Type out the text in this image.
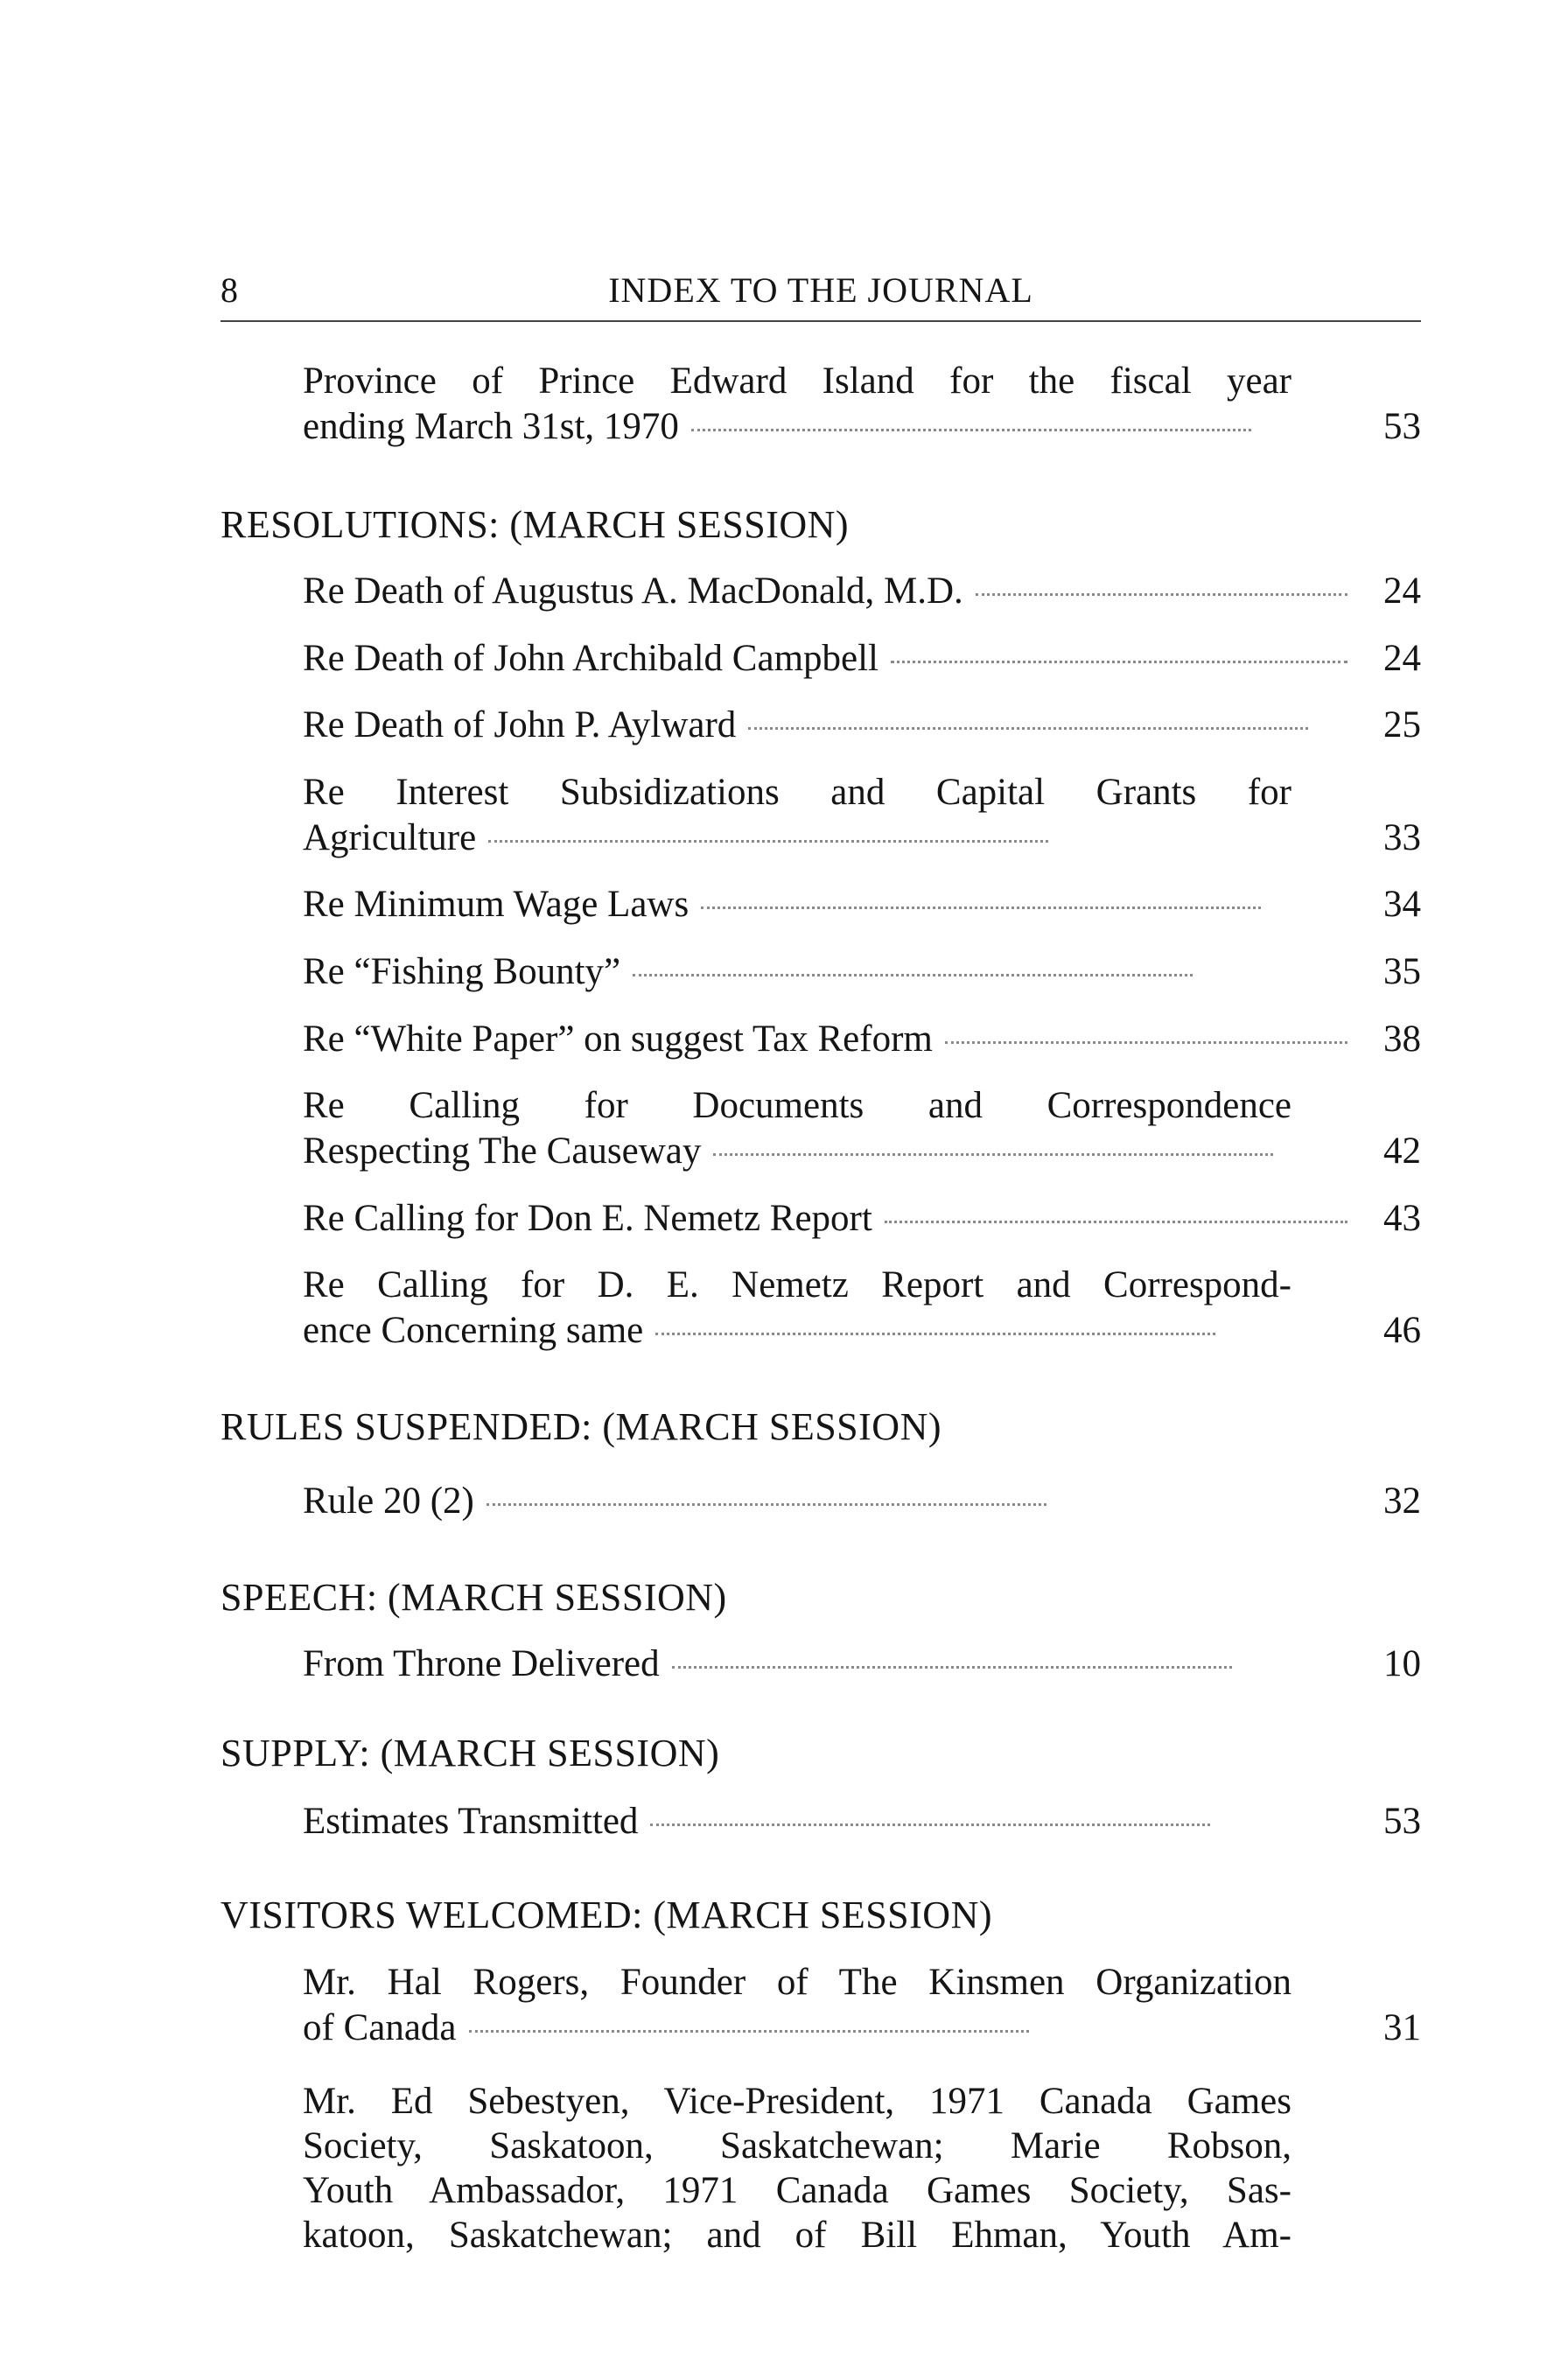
8	INDEX TO THE JOURNAL
Province of Prince Edward Island for the fiscal year
ending March 31st, 1970	53
RESOLUTIONS: (MARCH SESSION)
Re Death of Augustus A. MacDonald, M.D.	24
Re Death of John Archibald Campbell	24
Re Death of John P. Aylward	25
Re Interest Subsidizations and Capital Grants for
Agriculture	33
Re Minimum Wage Laws	34
Re “Fishing Bounty”	35
Re “White Paper” on suggest Tax Reform	38
Re Calling for Documents and Correspondence
Respecting The Causeway	42
Re Calling for Don E. Nemetz Report	43
Re Calling for D. E. Nemetz Report and Correspond-
ence Concerning same	46
RULES SUSPENDED: (MARCH SESSION)
Rule 20 (2)	32
SPEECH: (MARCH SESSION)
From Throne Delivered	10
SUPPLY: (MARCH SESSION)
Estimates Transmitted	53
VISITORS WELCOMED: (MARCH SESSION)
Mr. Hal Rogers, Founder of The Kinsmen Organization
of Canada	31
Mr. Ed Sebestyen, Vice-President, 1971 Canada Games
Society, Saskatoon, Saskatchewan; Marie Robson,
Youth Ambassador, 1971 Canada Games Society, Sas-
katoon, Saskatchewan; and of Bill Ehman, Youth Am-
